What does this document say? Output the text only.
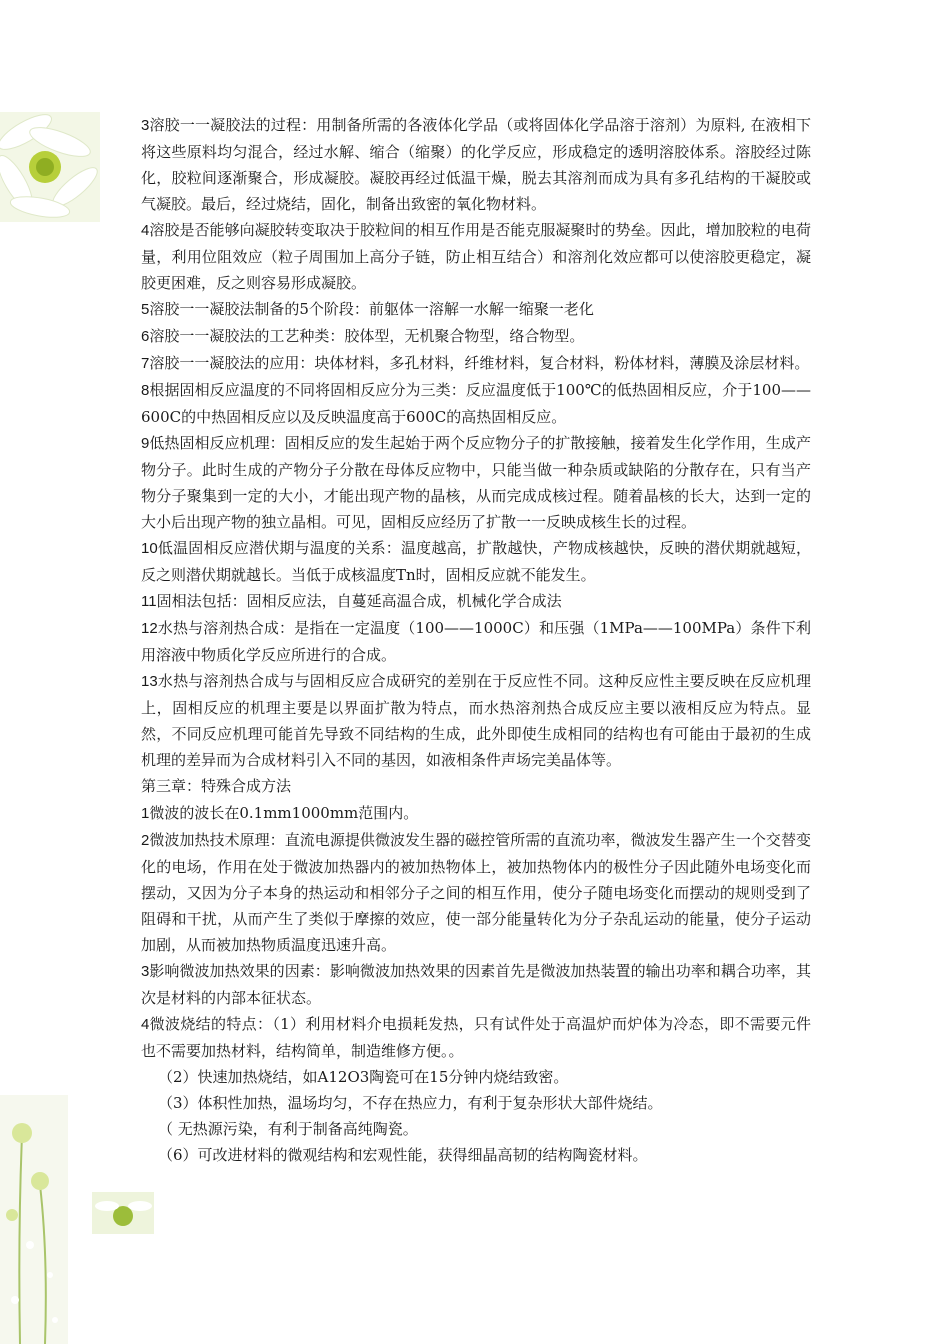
3溶胶一一凝胶法的过程：用制备所需的各液体化学品（或将固体化学品溶于溶剂）为原料, 在液相下将这些原料均匀混合，经过水解、缩合（缩聚）的化学反应，形成稳定的透明溶胶体系。溶胶经过陈化，胶粒间逐渐聚合，形成凝胶。凝胶再经过低温干燥，脱去其溶剂而成为具有多孔结构的干凝胶或气凝胶。最后，经过烧结，固化，制备出致密的氧化物材料。

4溶胶是否能够向凝胶转变取决于胶粒间的相互作用是否能克服凝聚时的势垒。因此，增加胶粒的电荷量，利用位阻效应（粒子周围加上高分子链，防止相互结合）和溶剂化效应都可以使溶胶更稳定，凝胶更困难，反之则容易形成凝胶。

5溶胶一一凝胶法制备的5个阶段：前躯体一溶解一水解一缩聚一老化

6溶胶一一凝胶法的工艺种类：胶体型，无机聚合物型，络合物型。

7溶胶一一凝胶法的应用：块体材料，多孔材料，纤维材料，复合材料，粉体材料，薄膜及涂层材料。

8根据固相反应温度的不同将固相反应分为三类：反应温度低于100℃的低热固相反应，介于100——600C的中热固相反应以及反映温度高于600C的高热固相反应。

9低热固相反应机理：固相反应的发生起始于两个反应物分子的扩散接触，接着发生化学作用，生成产物分子。此时生成的产物分子分散在母体反应物中，只能当做一种杂质或缺陷的分散存在，只有当产物分子聚集到一定的大小，才能出现产物的晶核，从而完成成核过程。随着晶核的长大，达到一定的大小后出现产物的独立晶相。可见，固相反应经历了扩散一一反映成核生长的过程。

10低温固相反应潜伏期与温度的关系：温度越高，扩散越快，产物成核越快，反映的潜伏期就越短，反之则潜伏期就越长。当低于成核温度Tn时，固相反应就不能发生。

11固相法包括：固相反应法，自蔓延高温合成，机械化学合成法

12水热与溶剂热合成：是指在一定温度（100——1000C）和压强（1MPa——100MPa）条件下利用溶液中物质化学反应所进行的合成。

13水热与溶剂热合成与与固相反应合成研究的差别在于反应性不同。这种反应性主要反映在反应机理上，固相反应的机理主要是以界面扩散为特点，而水热溶剂热合成反应主要以液相反应为特点。显然，不同反应机理可能首先导致不同结构的生成，此外即使生成相同的结构也有可能由于最初的生成机理的差异而为合成材料引入不同的基因，如液相条件声场完美晶体等。

第三章：特殊合成方法

1微波的波长在0.1mm1000mm范围内。

2微波加热技术原理：直流电源提供微波发生器的磁控管所需的直流功率，微波发生器产生一个交替变化的电场，作用在处于微波加热器内的被加热物体上，被加热物体内的极性分子因此随外电场变化而摆动，又因为分子本身的热运动和相邻分子之间的相互作用，使分子随电场变化而摆动的规则受到了阻碍和干扰，从而产生了类似于摩擦的效应，使一部分能量转化为分子杂乱运动的能量，使分子运动加剧，从而被加热物质温度迅速升高。

3影响微波加热效果的因素：影响微波加热效果的因素首先是微波加热装置的输出功率和耦合功率，其次是材料的内部本征状态。

4微波烧结的特点：（1）利用材料介电损耗发热，只有试件处于高温炉而炉体为冷态，即不需要元件也不需要加热材料，结构简单，制造维修方便。。

（2）快速加热烧结，如A12O3陶瓷可在15分钟内烧结致密。

（3）体积性加热，温场均匀，不存在热应力，有利于复杂形状大部件烧结。

（ 无热源污染，有利于制备高纯陶瓷。

（6）可改进材料的微观结构和宏观性能，获得细晶高韧的结构陶瓷材料。
